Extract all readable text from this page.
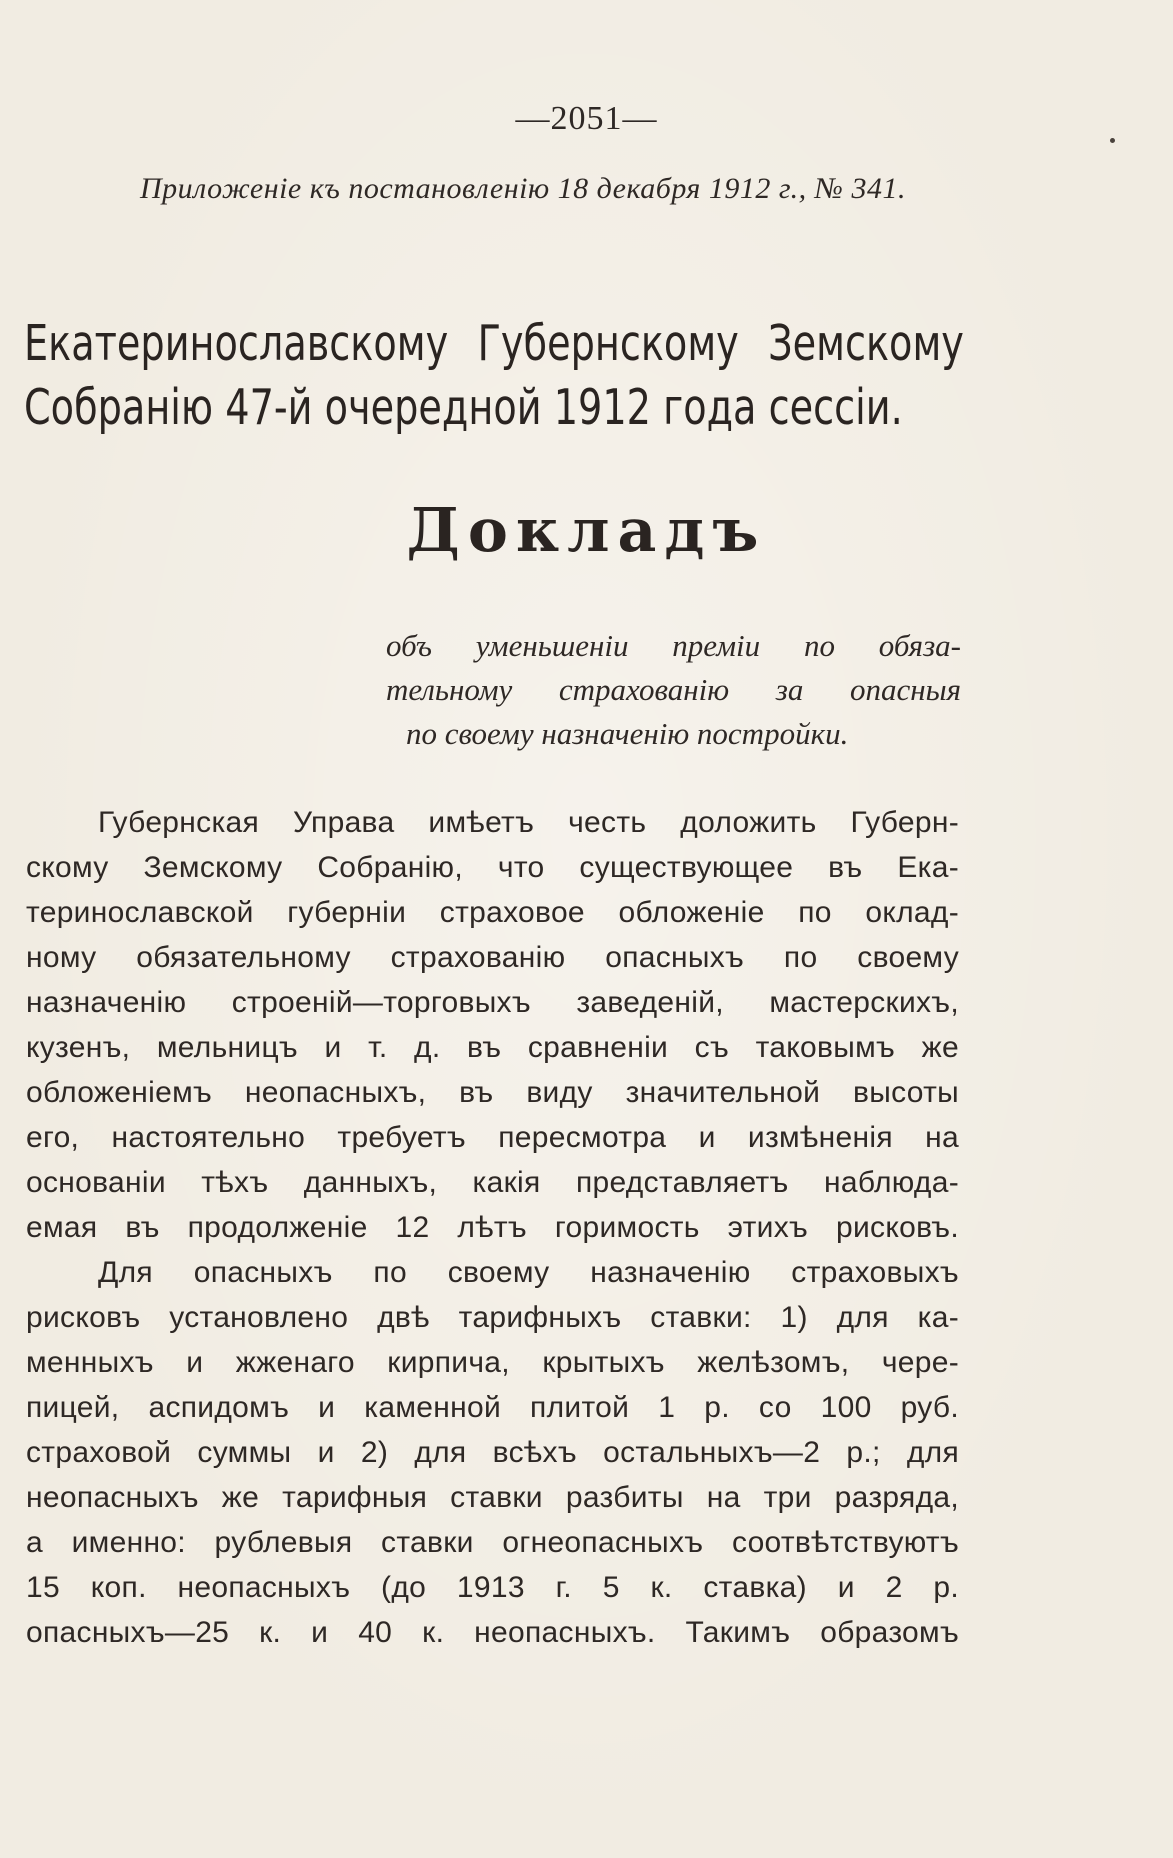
—2051—
Приложеніе къ постановленію 18 декабря 1912 г., № 341.
Екатеринославскому Губернскому Земскому Собранію 47-й очередной 1912 года сессіи.
Докладъ
объ уменьшеніи преміи по обяза-
тельному страхованію за опасныя
по своему назначенію постройки.
Губернская Управа имѣетъ честь доложить Губерн-
скому Земскому Собранію, что существующее въ Ека-
теринославской губерніи страховое обложеніе по оклад-
ному обязательному страхованію опасныхъ по своему
назначенію строеній—торговыхъ заведеній, мастерскихъ,
кузенъ, мельницъ и т. д. въ сравненіи съ таковымъ же
обложеніемъ неопасныхъ, въ виду значительной высоты
его, настоятельно требуетъ пересмотра и измѣненія на
основаніи тѣхъ данныхъ, какія представляетъ наблюда-
емая въ продолженіе 12 лѣтъ горимость этихъ рисковъ.
Для опасныхъ по своему назначенію страховыхъ
рисковъ установлено двѣ тарифныхъ ставки: 1) для ка-
менныхъ и жженаго кирпича, крытыхъ желѣзомъ, чере-
пицей, аспидомъ и каменной плитой 1 р. со 100 руб.
страховой суммы и 2) для всѣхъ остальныхъ—2 р.; для
неопасныхъ же тарифныя ставки разбиты на три разряда,
а именно: рублевыя ставки огнеопасныхъ соотвѣтствуютъ
15 коп. неопасныхъ (до 1913 г. 5 к. ставка) и 2 р.
опасныхъ—25 к. и 40 к. неопасныхъ. Такимъ образомъ
